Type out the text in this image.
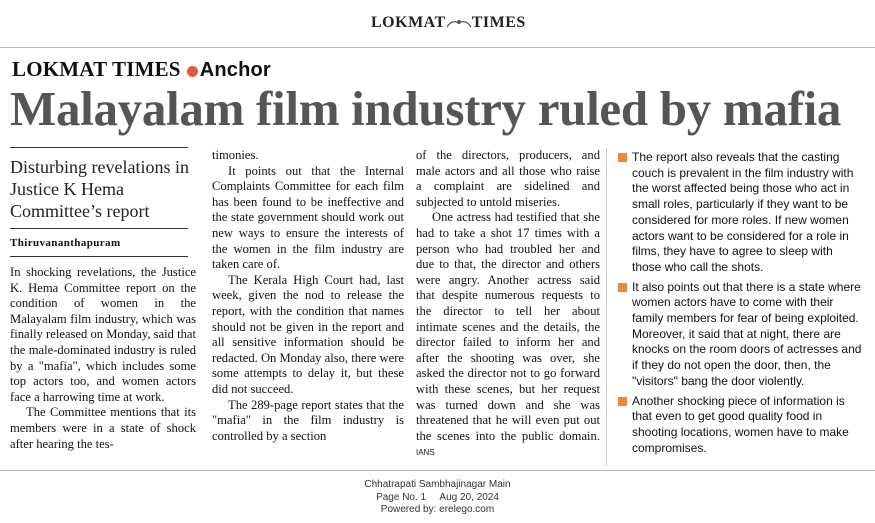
LOKMAT TIMES
LOKMAT TIMES Anchor
Malayalam film industry ruled by mafia
Disturbing revelations in Justice K Hema Committee’s report
Thiruvananthapuram

In shocking revelations, the Justice K. Hema Committee report on the condition of women in the Malayalam film industry, which was finally released on Monday, said that the male-dominated industry is ruled by a "mafia", which includes some top actors too, and women actors face a harrowing time at work.

The Committee mentions that its members were in a state of shock after hearing the tes-

timonies.

It points out that the Internal Complaints Committee for each film has been found to be ineffective and the state government should work out new ways to ensure the interests of the women in the film industry are taken care of.

The Kerala High Court had, last week, given the nod to release the report, with the condition that names should not be given in the report and all sensitive information should be redacted. On Monday also, there were some attempts to delay it, but these did not succeed.

The 289-page report states that the "mafia" in the film industry is controlled by a section

of the directors, producers, and male actors and all those who raise a complaint are sidelined and subjected to untold miseries.

One actress had testified that she had to take a shot 17 times with a person who had troubled her and due to that, the director and others were angry. Another actress said that despite numerous requests to the director to tell her about intimate scenes and the details, the director failed to inform her and after the shooting was over, she asked the director not to go forward with these scenes, but her request was turned down and she was threatened that he will even put out the scenes into the public domain. IANS

The report also reveals that the casting couch is prevalent in the film industry with the worst affected being those who act in small roles, particularly if they want to be considered for more roles. If new women actors want to be considered for a role in films, they have to agree to sleep with those who call the shots.
It also points out that there is a state where women actors have to come with their family members for fear of being exploited. Moreover, it said that at night, there are knocks on the room doors of actresses and if they do not open the door, then, the "visitors" bang the door violently.
Another shocking piece of information is that even to get good quality food in shooting locations, women have to make compromises.
Chhatrapati Sambhajinagar Main
Page No. 1     Aug 20, 2024
Powered by: erelego.com
